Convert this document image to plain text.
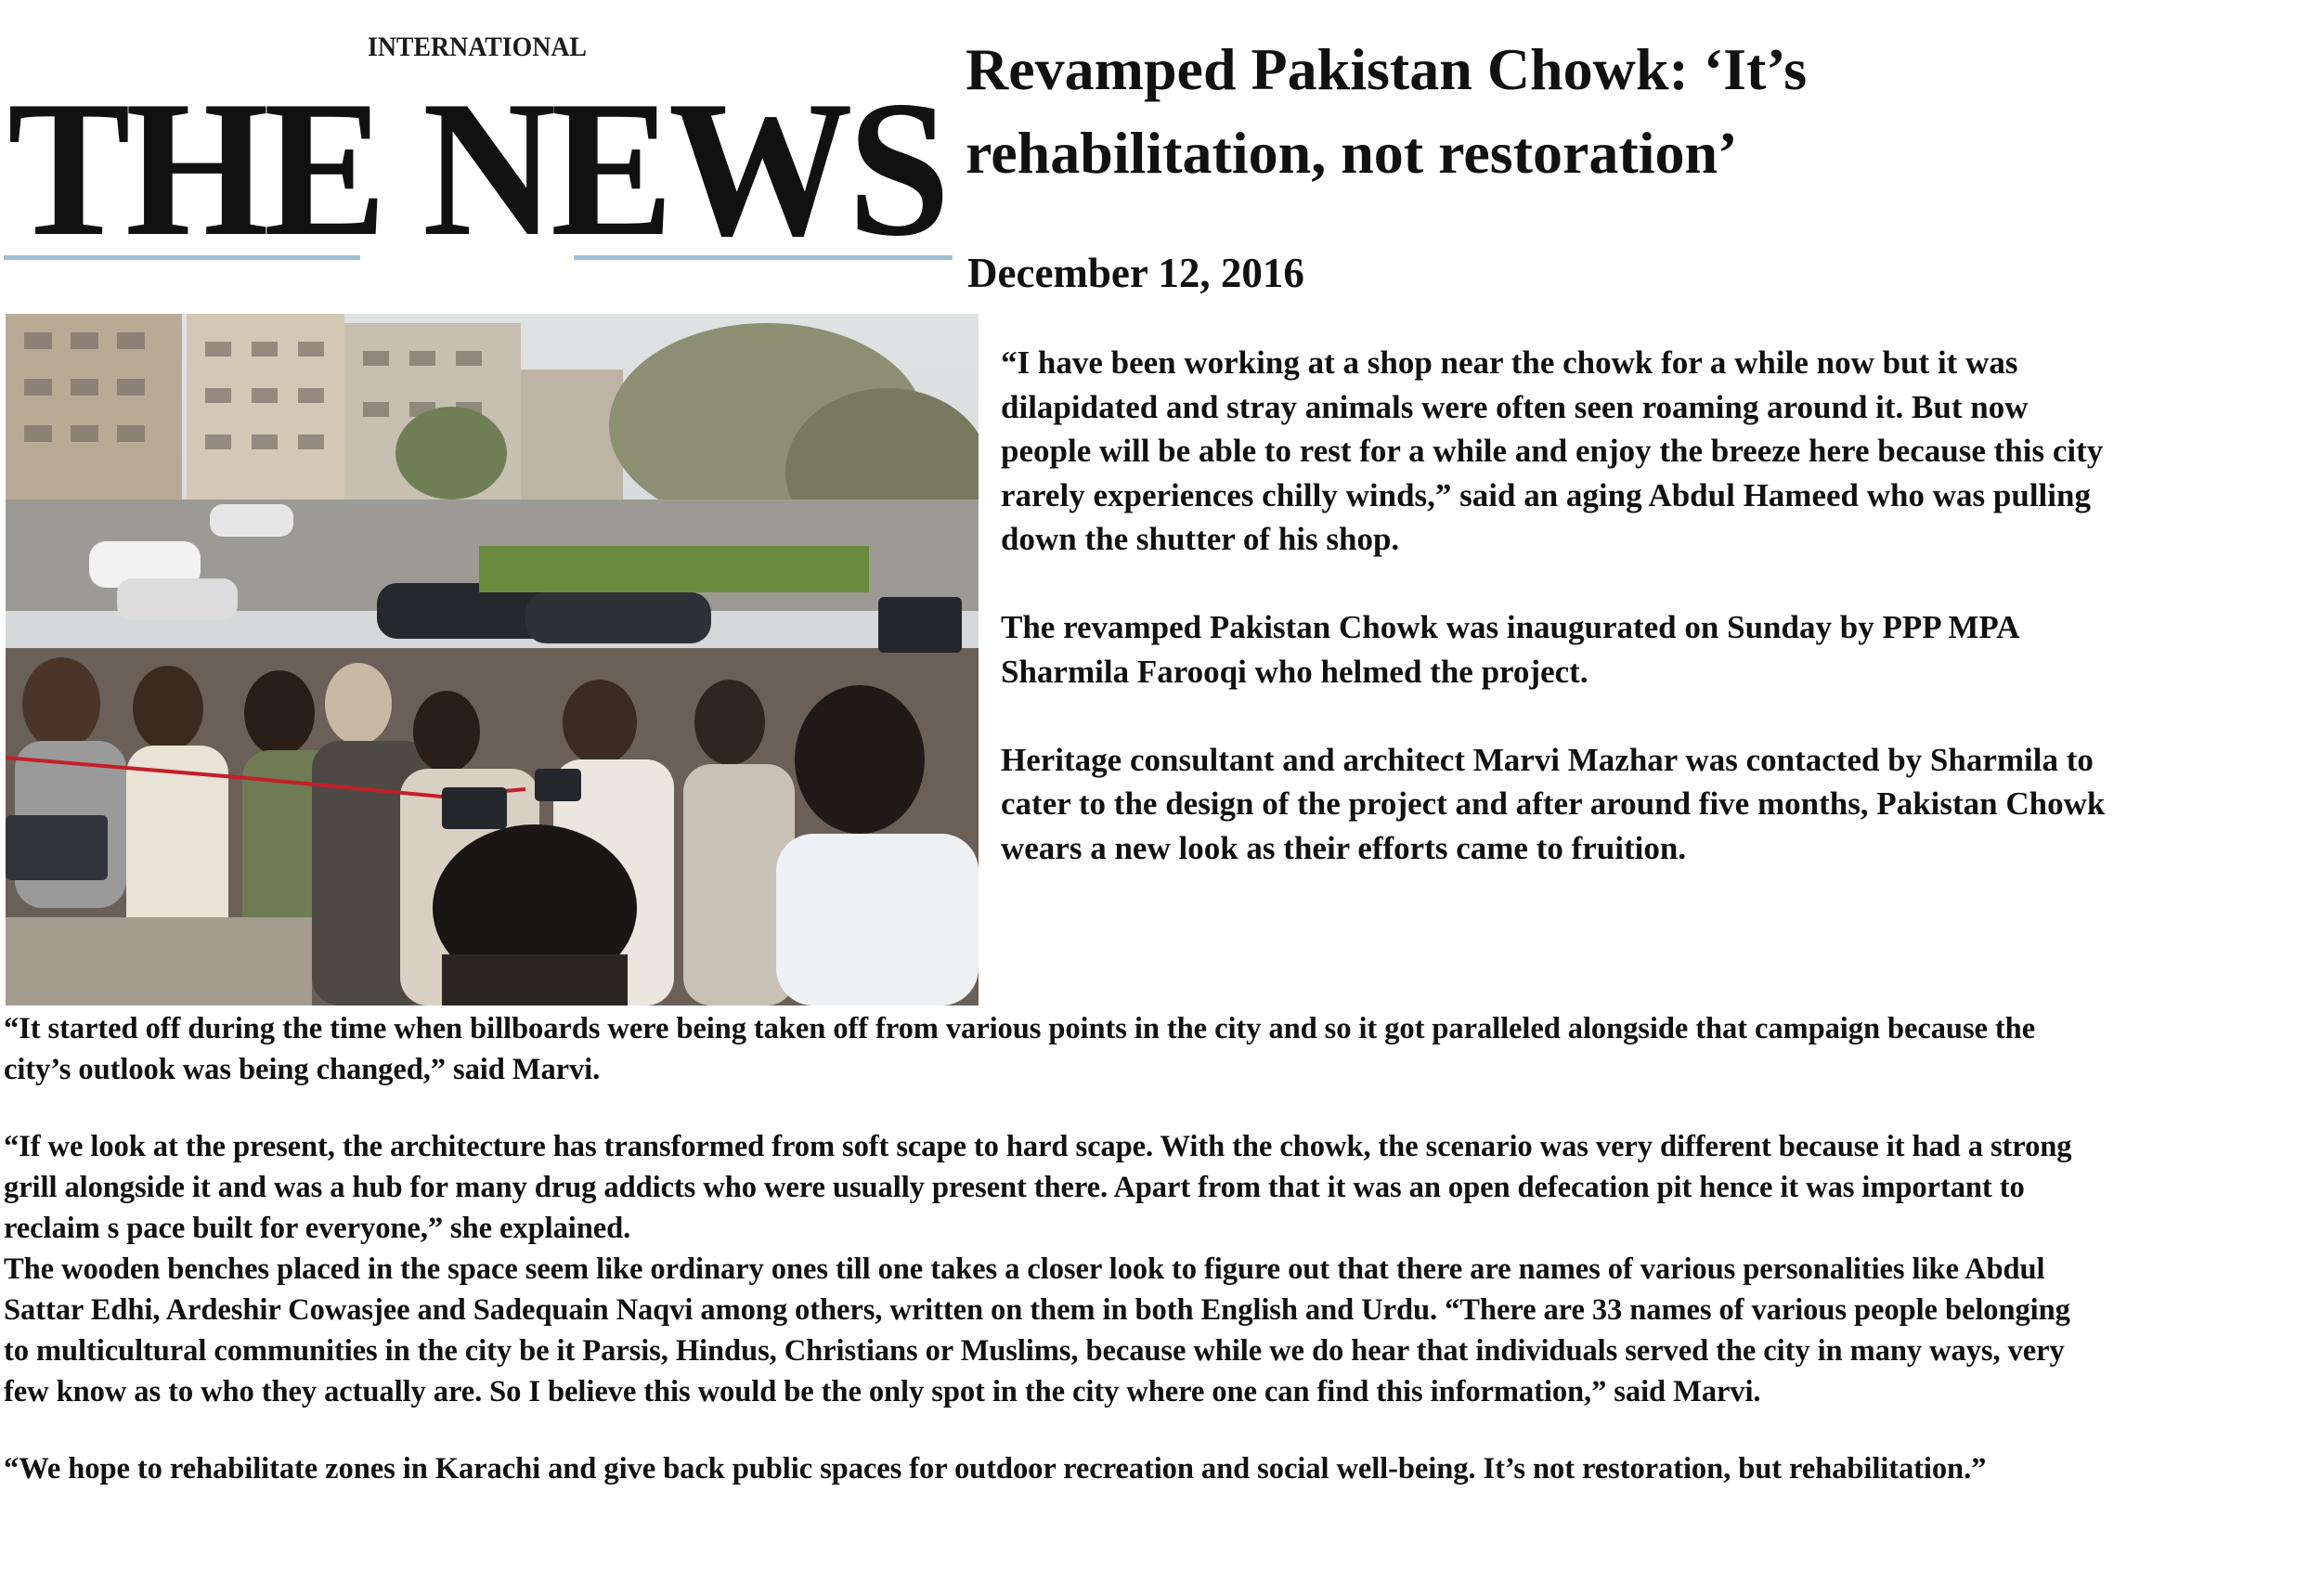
INTERNATIONAL
THE NEWS Revamped Pakistan Chowk: ‘It’s
rehabilitation, not restoration’

December 12, 2016

“I have been working at a shop near the chowk for a while now but it was
dilapidated and stray animals were often seen roaming around it. But now
people will be able to rest for a while and enjoy the breeze here because this city
rarely experiences chilly winds,” said an aging Abdul Hameed who was pulling
down the shutter of his shop.

The revamped Pakistan Chowk was inaugurated on Sunday by PPP MPA
Sharmila Farooqi who helmed the project.

Heritage consultant and architect Marvi Mazhar was contacted by Sharmila to
cater to the design of the project and after around five months, Pakistan Chowk
wears a new look as their efforts came to fruition.

“It started off during the time when billboards were being taken off from various points in the city and so it got paralleled alongside that campaign because the
city’s outlook was being changed,” said Marvi.

“If we look at the present, the architecture has transformed from soft scape to hard scape. With the chowk, the scenario was very different because it had a strong
grill alongside it and was a hub for many drug addicts who were usually present there. Apart from that it was an open defecation pit hence it was important to
reclaim s pace built for everyone,” she explained.

The wooden benches placed in the space seem like ordinary ones till one takes a closer look to figure out that there are names of various personalities like Abdul
Sattar Edhi, Ardeshir Cowasjee and Sadequain Naqvi among others, written on them in both English and Urdu. “There are 33 names of various people belonging
to multicultural communities in the city be it Parsis, Hindus, Christians or Muslims, because while we do hear that individuals served the city in many ways, very
few know as to who they actually are. So I believe this would be the only spot in the city where one can find this information,” said Marvi.

“We hope to rehabilitate zones in Karachi and give back public spaces for outdoor recreation and social well-being. It’s not restoration, but rehabilitation.”
